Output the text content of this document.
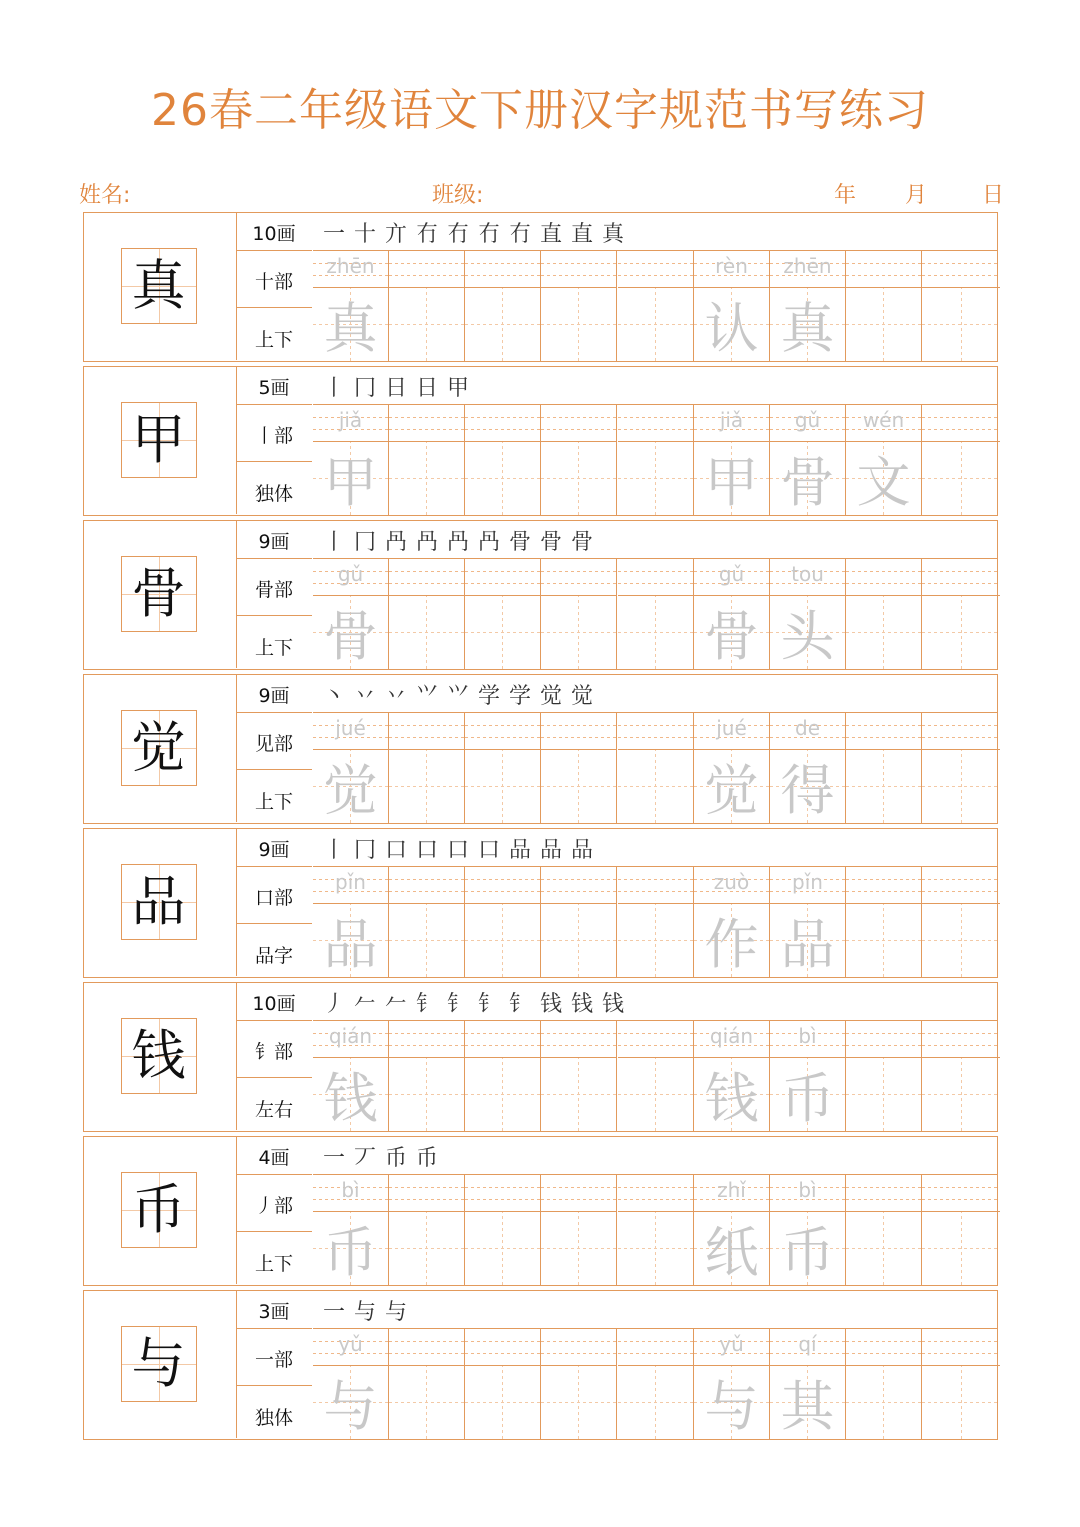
26春二年级语文下册汉字规范书写练习
姓名:	班级:	年 月 日
真
10画
十部
上下
一十亣冇冇冇冇直直真
zhēn
真
rèn
认
zhēn
真
甲
5画
丨部
独体
丨冂日日甲
jiǎ
甲
jiǎ
甲
gǔ
骨
wén
文
骨
9画
骨部
上下
丨冂冎冎冎冎骨骨骨
gǔ
骨
gǔ
骨
tou
头
觉
9画
见部
上下
丶丷丷⺍⺍学学觉觉
jué
觉
jué
觉
de
得
品
9画
口部
品字
丨冂口口口口品品品
pǐn
品
zuò
作
pǐn
品
钱
10画
钅部
左右
丿𠂉𠂉钅钅钅钅钱钱钱
qián
钱
qián
钱
bì
币
币
4画
丿部
上下
一丆币币
bì
币
zhǐ
纸
bì
币
与
3画
一部
独体
一与与
yǔ
与
yǔ
与
qí
其
